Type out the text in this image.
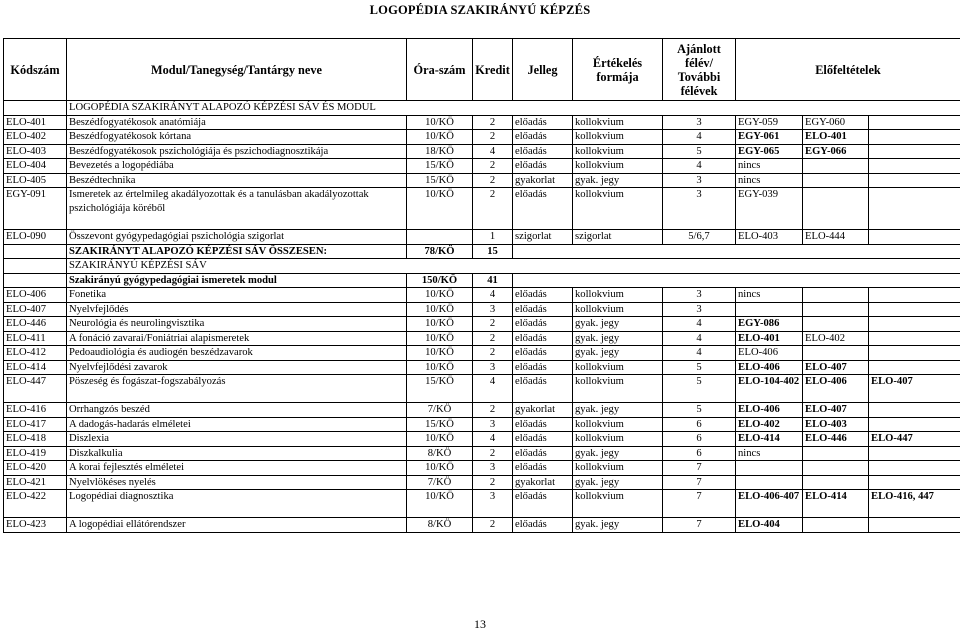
LOGOPÉDIA SZAKIRÁNYÚ KÉPZÉS
Kódszám	Modul/Tanegység/Tantárgy neve	Óra-szám	Kredit	Jelleg	Értékelés formája	Ajánlott félév/ További félévek	Előfeltételek		
	LOGOPÉDIA SZAKIRÁNYT ALAPOZÓ KÉPZÉSI SÁV ÉS MODUL								
ELO-401	Beszédfogyatékosok anatómiája	10/KÖ	2	előadás	kollokvium	3	EGY-059	EGY-060	
ELO-402	Beszédfogyatékosok kórtana	10/KÖ	2	előadás	kollokvium	4	EGY-061	ELO-401	
ELO-403	Beszédfogyatékosok pszichológiája és pszichodiagnosztikája	18/KÖ	4	előadás	kollokvium	5	EGY-065	EGY-066	
ELO-404	Bevezetés a logopédiába	15/KÖ	2	előadás	kollokvium	4	nincs		
ELO-405	Beszédtechnika	15/KÖ	2	gyakorlat	gyak. jegy	3	nincs		
EGY-091	Ismeretek az értelmileg akadályozottak és a tanulásban akadályozottak pszichológiája köréből	10/KÖ	2	előadás	kollokvium	3	EGY-039		
ELO-090	Összevont gyógypedagógiai pszichológia szigorlat		1	szigorlat	szigorlat	5/6,7	ELO-403	ELO-444	
	SZAKIRÁNYT ALAPOZÓ KÉPZÉSI SÁV ÖSSZESEN:	78/KÖ	15						
	SZAKIRÁNYÚ KÉPZÉSI SÁV								
	Szakirányú gyógypedagógiai ismeretek modul	150/KÖ	41						
ELO-406	Fonetika	10/KÖ	4	előadás	kollokvium	3	nincs		
ELO-407	Nyelvfejlődés	10/KÖ	3	előadás	kollokvium	3			
ELO-446	Neurológia és neurolingvisztika	10/KÖ	2	előadás	gyak. jegy	4	EGY-086		
ELO-411	A fonáció zavarai/Foniátriai alapismeretek	10/KÖ	2	előadás	gyak. jegy	4	ELO-401	ELO-402	
ELO-412	Pedoaudiológia és audiogén beszédzavarok	10/KÖ	2	előadás	gyak. jegy	4	ELO-406		
ELO-414	Nyelvfejlődési zavarok	10/KÖ	3	előadás	kollokvium	5	ELO-406	ELO-407	
ELO-447	Pöszeség és fogászat-fogszabályozás	15/KÖ	4	előadás	kollokvium	5	ELO-104-402	ELO-406	ELO-407
ELO-416	Orrhangzós beszéd	7/KÖ	2	gyakorlat	gyak. jegy	5	ELO-406	ELO-407	
ELO-417	A dadogás-hadarás elméletei	15/KÖ	3	előadás	kollokvium	6	ELO-402	ELO-403	
ELO-418	Diszlexia	10/KÖ	4	előadás	kollokvium	6	ELO-414	ELO-446	ELO-447
ELO-419	Diszkalkulia	8/KÖ	2	előadás	gyak. jegy	6	nincs		
ELO-420	A korai fejlesztés elméletei	10/KÖ	3	előadás	kollokvium	7			
ELO-421	Nyelvlökéses nyelés	7/KÖ	2	gyakorlat	gyak. jegy	7			
ELO-422	Logopédiai diagnosztika	10/KÖ	3	előadás	kollokvium	7	ELO-406-407	ELO-414	ELO-416, 447
ELO-423	A logopédiai ellátórendszer	8/KÖ	2	előadás	gyak. jegy	7	ELO-404		
13
